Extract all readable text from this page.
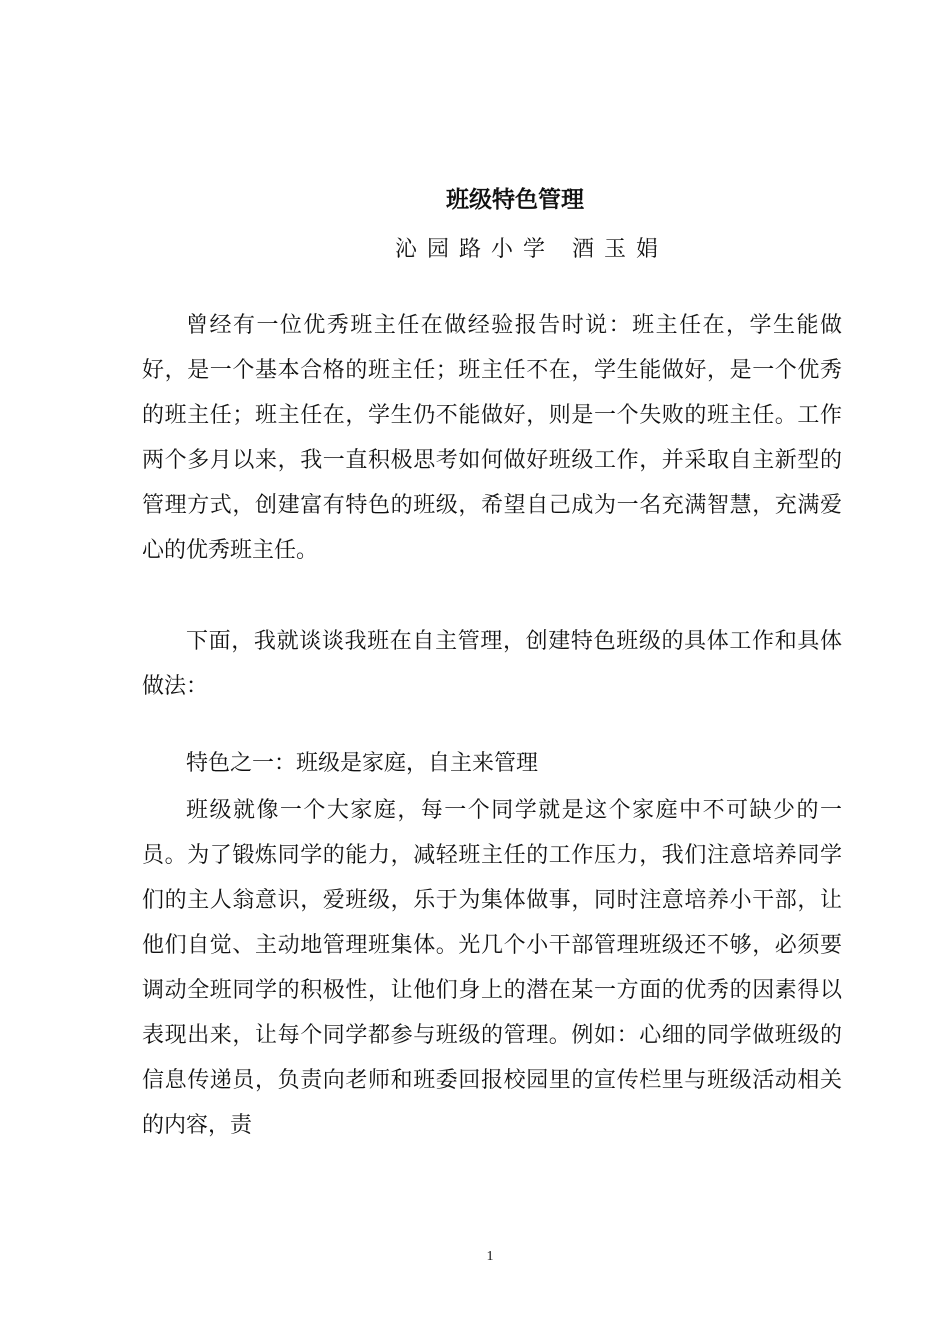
班级特色管理
沁园路小学 酒玉娟

曾经有一位优秀班主任在做经验报告时说：班主任在，学生能做好，是一个基本合格的班主任；班主任不在，学生能做好，是一个优秀的班主任；班主任在，学生仍不能做好，则是一个失败的班主任。工作两个多月以来，我一直积极思考如何做好班级工作，并采取自主新型的管理方式，创建富有特色的班级，希望自己成为一名充满智慧，充满爱心的优秀班主任。

下面，我就谈谈我班在自主管理，创建特色班级的具体工作和具体做法：

特色之一：班级是家庭，自主来管理

班级就像一个大家庭，每一个同学就是这个家庭中不可缺少的一员。为了锻炼同学的能力，减轻班主任的工作压力，我们注意培养同学们的主人翁意识，爱班级，乐于为集体做事，同时注意培养小干部，让他们自觉、主动地管理班集体。光几个小干部管理班级还不够，必须要调动全班同学的积极性，让他们身上的潜在某一方面的优秀的因素得以表现出来，让每个同学都参与班级的管理。例如：心细的同学做班级的信息传递员，负责向老师和班委回报校园里的宣传栏里与班级活动相关的内容，责

1
